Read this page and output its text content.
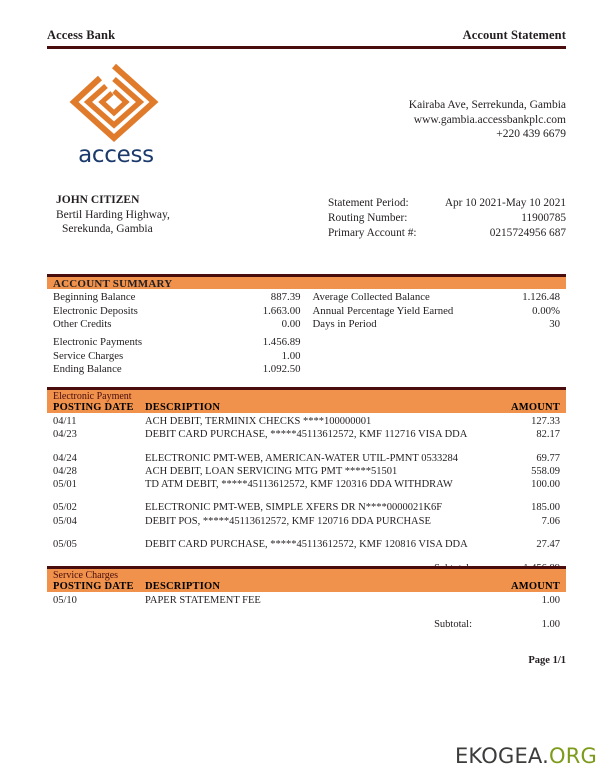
Access Bank	Account Statement
access
Kairaba Ave, Serrekunda, Gambia
www.gambia.accessbankplc.com
+220 439 6679
JOHN CITIZEN
Bertil Harding Highway,
Serekunda, Gambia
Statement Period:	Apr 10 2021-May 10 2021
Routing Number:	11900785
Primary Account #:	0215724956 687
ACCOUNT SUMMARY
Beginning Balance	887.39
Electronic Deposits	1.663.00
Other Credits	0.00
Average Collected Balance	1.126.48
Annual Percentage Yield Earned	0.00%
Days in Period	30
Electronic Payments	1.456.89
Service Charges	1.00
Ending Balance	1.092.50
Electronic Payment
POSTING DATE	DESCRIPTION	AMOUNT
04/11	ACH DEBIT, TERMINIX CHECKS ****100000001	127.33
04/23	DEBIT CARD PURCHASE, *****45113612572, KMF 112716 VISA DDA	82.17
04/24	ELECTRONIC PMT-WEB, AMERICAN-WATER UTIL-PMNT 0533284	69.77
04/28	ACH DEBIT, LOAN SERVICING MTG PMT *****51501	558.09
05/01	TD ATM DEBIT, *****45113612572, KMF 120316 DDA WITHDRAW	100.00
05/02	ELECTRONIC PMT-WEB, SIMPLE XFERS DR N****0000021K6F	185.00
05/04	DEBIT POS, *****45113612572, KMF 120716 DDA PURCHASE	7.06
05/05	DEBIT CARD PURCHASE, *****45113612572, KMF 120816 VISA DDA	27.47
Service Charges
POSTING DATE	DESCRIPTION	AMOUNT
05/10	PAPER STATEMENT FEE	1.00
Subtotal:	1.00
Page 1/1
EKOGEA.ORG
